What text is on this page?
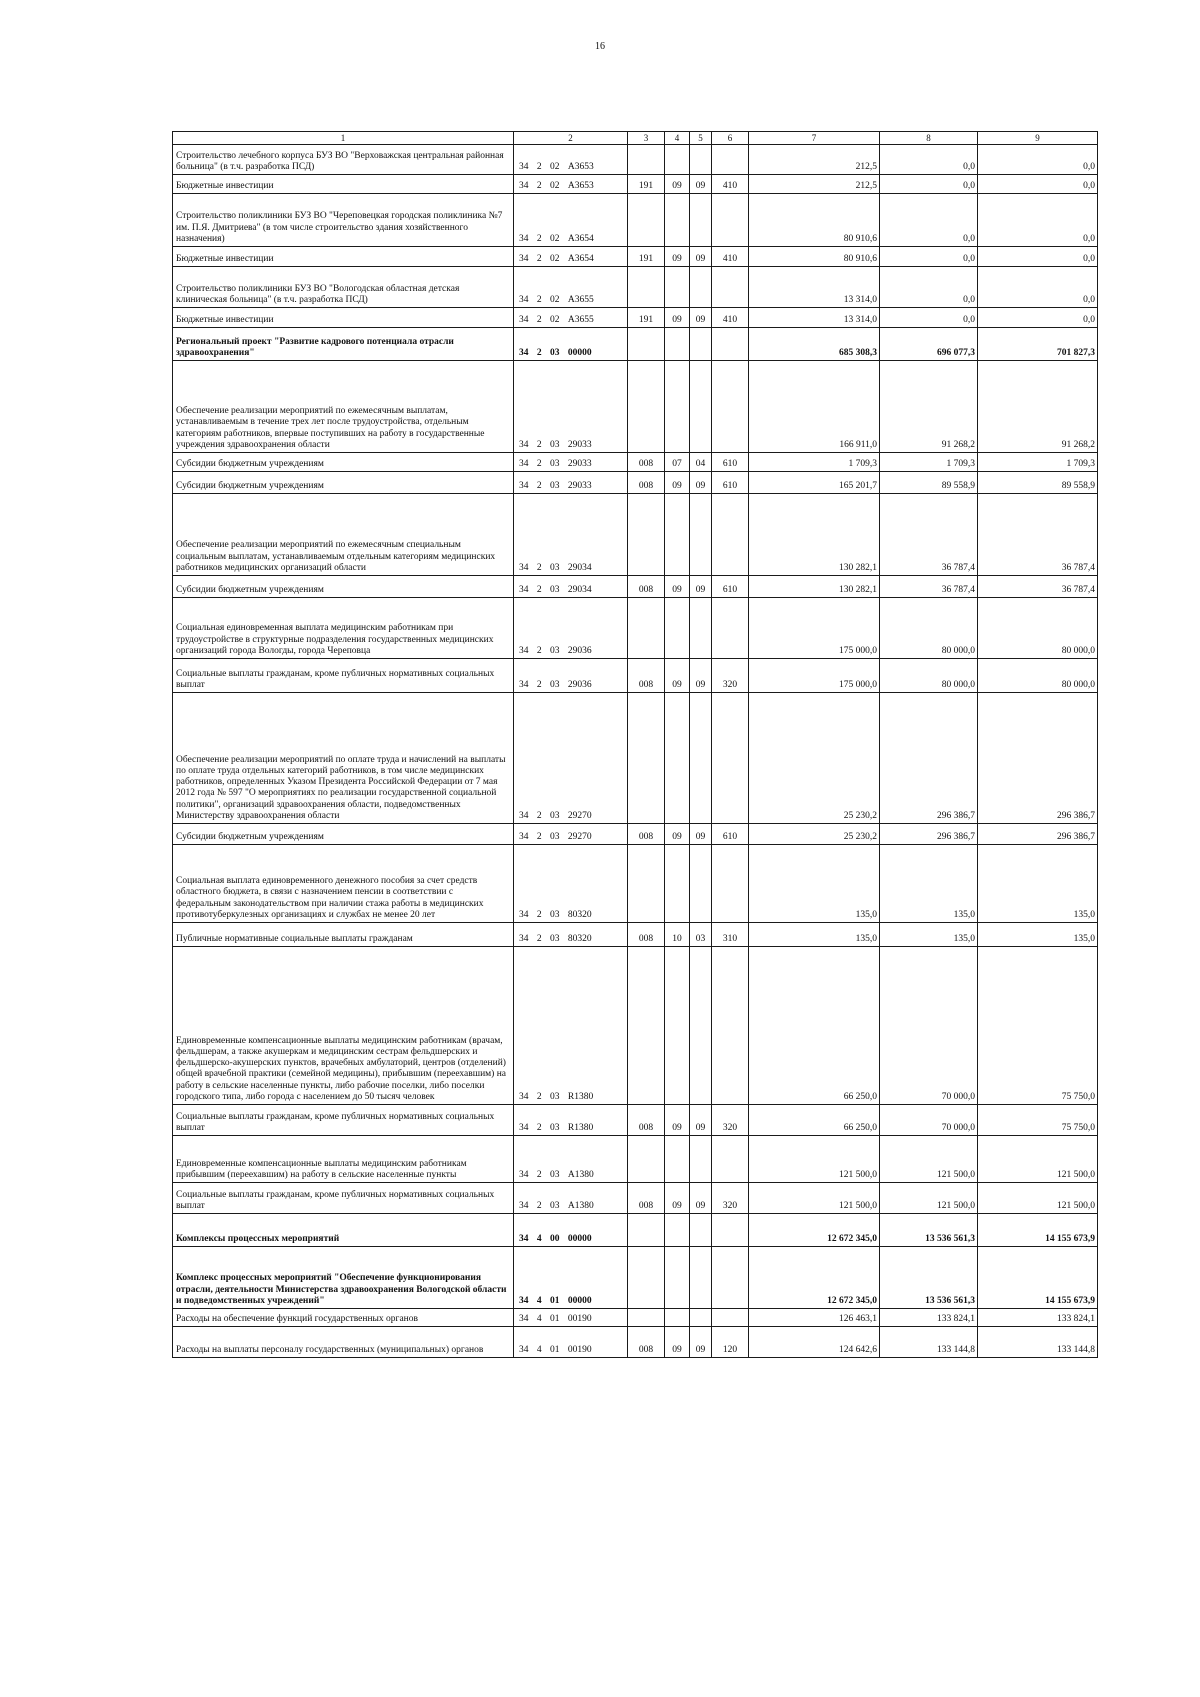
16
1	2	3	4	5	6	7	8	9
Строительство лечебного корпуса БУЗ ВО "Верховажская центральная районная больница" (в т.ч. разработка ПСД)	34 2 02 А3653					212,5	0,0	0,0
Бюджетные инвестиции	34 2 02 А3653	191	09	09	410	212,5	0,0	0,0
Строительство поликлиники БУЗ ВО "Череповецкая городская поликлиника №7 им. П.Я. Дмитриева" (в том числе строительство здания хозяйственного назначения)	34 2 02 А3654					80 910,6	0,0	0,0
Бюджетные инвестиции	34 2 02 А3654	191	09	09	410	80 910,6	0,0	0,0
Строительство поликлиники БУЗ ВО "Вологодская областная детская клиническая больница" (в т.ч. разработка ПСД)	34 2 02 А3655					13 314,0	0,0	0,0
Бюджетные инвестиции	34 2 02 А3655	191	09	09	410	13 314,0	0,0	0,0
Региональный проект "Развитие кадрового потенциала отрасли здравоохранения"	34 2 03 00000					685 308,3	696 077,3	701 827,3
Обеспечение реализации мероприятий по ежемесячным выплатам, устанавливаемым в течение трех лет после трудоустройства, отдельным категориям работников, впервые поступивших на работу в государственные учреждения здравоохранения области	34 2 03 29033					166 911,0	91 268,2	91 268,2
Субсидии бюджетным учреждениям	34 2 03 29033	008	07	04	610	1 709,3	1 709,3	1 709,3
Субсидии бюджетным учреждениям	34 2 03 29033	008	09	09	610	165 201,7	89 558,9	89 558,9
Обеспечение реализации мероприятий по ежемесячным специальным социальным выплатам, устанавливаемым отдельным категориям медицинских работников медицинских организаций области	34 2 03 29034					130 282,1	36 787,4	36 787,4
Субсидии бюджетным учреждениям	34 2 03 29034	008	09	09	610	130 282,1	36 787,4	36 787,4
Социальная единовременная выплата медицинским работникам при трудоустройстве в структурные подразделения государственных медицинских организаций города Вологды, города Череповца	34 2 03 29036					175 000,0	80 000,0	80 000,0
Социальные выплаты гражданам, кроме публичных нормативных социальных выплат	34 2 03 29036	008	09	09	320	175 000,0	80 000,0	80 000,0
Обеспечение реализации мероприятий по оплате труда и начислений на выплаты по оплате труда отдельных категорий работников, в том числе медицинских работников, определенных Указом Президента Российской Федерации от 7 мая 2012 года № 597 "О мероприятиях по реализации государственной социальной политики", организаций здравоохранения области, подведомственных Министерству здравоохранения области	34 2 03 29270					25 230,2	296 386,7	296 386,7
Субсидии бюджетным учреждениям	34 2 03 29270	008	09	09	610	25 230,2	296 386,7	296 386,7
Социальная выплата единовременного денежного пособия за счет средств областного бюджета, в связи с назначением пенсии в соответствии с федеральным законодательством при наличии стажа работы в медицинских противотуберкулезных организациях и службах не менее 20 лет	34 2 03 80320					135,0	135,0	135,0
Публичные нормативные социальные выплаты гражданам	34 2 03 80320	008	10	03	310	135,0	135,0	135,0
Единовременные компенсационные выплаты медицинским работникам (врачам, фельдшерам, а также акушеркам и медицинским сестрам фельдшерских и фельдшерско-акушерских пунктов, врачебных амбулаторий, центров (отделений) общей врачебной практики (семейной медицины), прибывшим (переехавшим) на работу в сельские населенные пункты, либо рабочие поселки, либо поселки городского типа, либо города с населением до 50 тысяч человек	34 2 03 R1380					66 250,0	70 000,0	75 750,0
Социальные выплаты гражданам, кроме публичных нормативных социальных выплат	34 2 03 R1380	008	09	09	320	66 250,0	70 000,0	75 750,0
Единовременные компенсационные выплаты медицинским работникам прибывшим (переехавшим) на работу в сельские населенные пункты	34 2 03 А1380					121 500,0	121 500,0	121 500,0
Социальные выплаты гражданам, кроме публичных нормативных социальных выплат	34 2 03 А1380	008	09	09	320	121 500,0	121 500,0	121 500,0
Комплексы процессных мероприятий	34 4 00 00000					12 672 345,0	13 536 561,3	14 155 673,9
Комплекс процессных мероприятий "Обеспечение функционирования отрасли, деятельности Министерства здравоохранения Вологодской области и подведомственных учреждений"	34 4 01 00000					12 672 345,0	13 536 561,3	14 155 673,9
Расходы на обеспечение функций государственных органов	34 4 01 00190					126 463,1	133 824,1	133 824,1
Расходы на выплаты персоналу государственных (муниципальных) органов	34 4 01 00190	008	09	09	120	124 642,6	133 144,8	133 144,8
